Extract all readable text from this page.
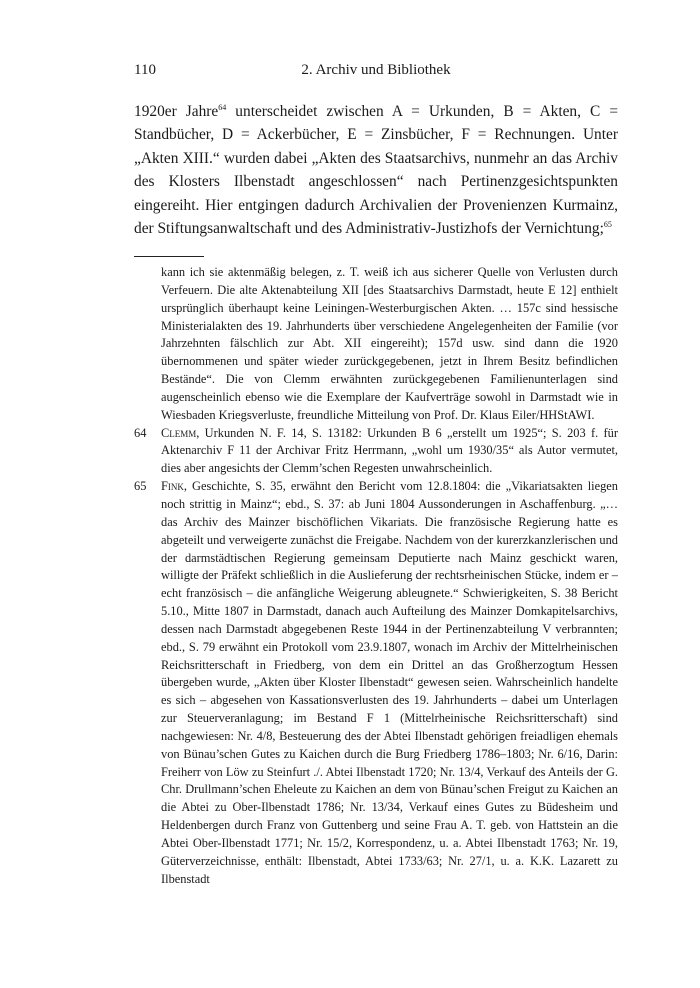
110	2. Archiv und Bibliothek

1920er Jahre$^{64}$ unterscheidet zwischen A = Urkunden, B = Akten, C = Standbücher, D = Ackerbücher, E = Zinsbücher, F = Rechnungen. Unter „Akten XIII.“ wurden dabei „Akten des Staatsarchivs, nunmehr an das Archiv des Klosters Ilbenstadt angeschlossen“ nach Pertinenzgesichtspunkten eingereiht. Hier entgingen dadurch Archivalien der Provenienzen Kurmainz, der Stiftungsanwaltschaft und des Administrativ-Justizhofs der Vernichtung;$^{65}$

kann ich sie aktenmäßig belegen, z. T. weiß ich aus sicherer Quelle von Verlusten durch Verfeuern. Die alte Aktenabteilung XII [des Staatsarchivs Darmstadt, heute E 12] enthielt ursprünglich überhaupt keine Leiningen-Westerburgischen Akten. … 157c sind hessische Ministerialakten des 19. Jahrhunderts über verschiedene Angelegenheiten der Familie (vor Jahrzehnten fälschlich zur Abt. XII eingereiht); 157d usw. sind dann die 1920 übernommenen und später wieder zurückgegebenen, jetzt in Ihrem Besitz befindlichen Bestände“. Die von Clemm erwähnten zurückgegebenen Familienunterlagen sind augenscheinlich ebenso wie die Exemplare der Kaufverträge sowohl in Darmstadt wie in Wiesbaden Kriegsverluste, freundliche Mitteilung von Prof. Dr. Klaus Eiler/HHStAWI.

64 Clemm, Urkunden N. F. 14, S. 13182: Urkunden B 6 „erstellt um 1925“; S. 203 f. für Aktenarchiv F 11 der Archivar Fritz Herrmann, „wohl um 1930/35“ als Autor vermutet, dies aber angesichts der Clemm’schen Regesten unwahrscheinlich.

65 Fink, Geschichte, S. 35, erwähnt den Bericht vom 12.8.1804: die „Vikariatsakten liegen noch strittig in Mainz“; ebd., S. 37: ab Juni 1804 Aussonderungen in Aschaffenburg. „… das Archiv des Mainzer bischöflichen Vikariats. Die französische Regierung hatte es abgeteilt und verweigerte zunächst die Freigabe. Nachdem von der kurerzkanzlerischen und der darmstädtischen Regierung gemeinsam Deputierte nach Mainz geschickt waren, willigte der Präfekt schließlich in die Auslieferung der rechtsrheinischen Stücke, indem er – echt französisch – die anfängliche Weigerung ableugnete.“ Schwierigkeiten, S. 38 Bericht 5.10., Mitte 1807 in Darmstadt, danach auch Aufteilung des Mainzer Domkapitelsarchivs, dessen nach Darmstadt abgegebenen Reste 1944 in der Pertinenzabteilung V verbrannten; ebd., S. 79 erwähnt ein Protokoll vom 23.9.1807, wonach im Archiv der Mittelrheinischen Reichsritterschaft in Friedberg, von dem ein Drittel an das Großherzogtum Hessen übergeben wurde, „Akten über Kloster Ilbenstadt“ gewesen seien. Wahrscheinlich handelte es sich – abgesehen von Kassationsverlusten des 19. Jahrhunderts – dabei um Unterlagen zur Steuerveranlagung; im Bestand F 1 (Mittelrheinische Reichsritterschaft) sind nachgewiesen: Nr. 4/8, Besteuerung des der Abtei Ilbenstadt gehörigen freiadligen ehemals von Bünau’schen Gutes zu Kaichen durch die Burg Friedberg 1786–1803; Nr. 6/16, Darin: Freiherr von Löw zu Steinfurt ./. Abtei Ilbenstadt 1720; Nr. 13/4, Verkauf des Anteils der G. Chr. Drullmann’schen Eheleute zu Kaichen an dem von Bünau’schen Freigut zu Kaichen an die Abtei zu Ober-Ilbenstadt 1786; Nr. 13/34, Verkauf eines Gutes zu Büdesheim und Heldenbergen durch Franz von Guttenberg und seine Frau A. T. geb. von Hattstein an die Abtei Ober-Ilbenstadt 1771; Nr. 15/2, Korrespondenz, u. a. Abtei Ilbenstadt 1763; Nr. 19, Güterverzeichnisse, enthält: Ilbenstadt, Abtei 1733/63; Nr. 27/1, u. a. K.K. Lazarett zu Ilbenstadt
